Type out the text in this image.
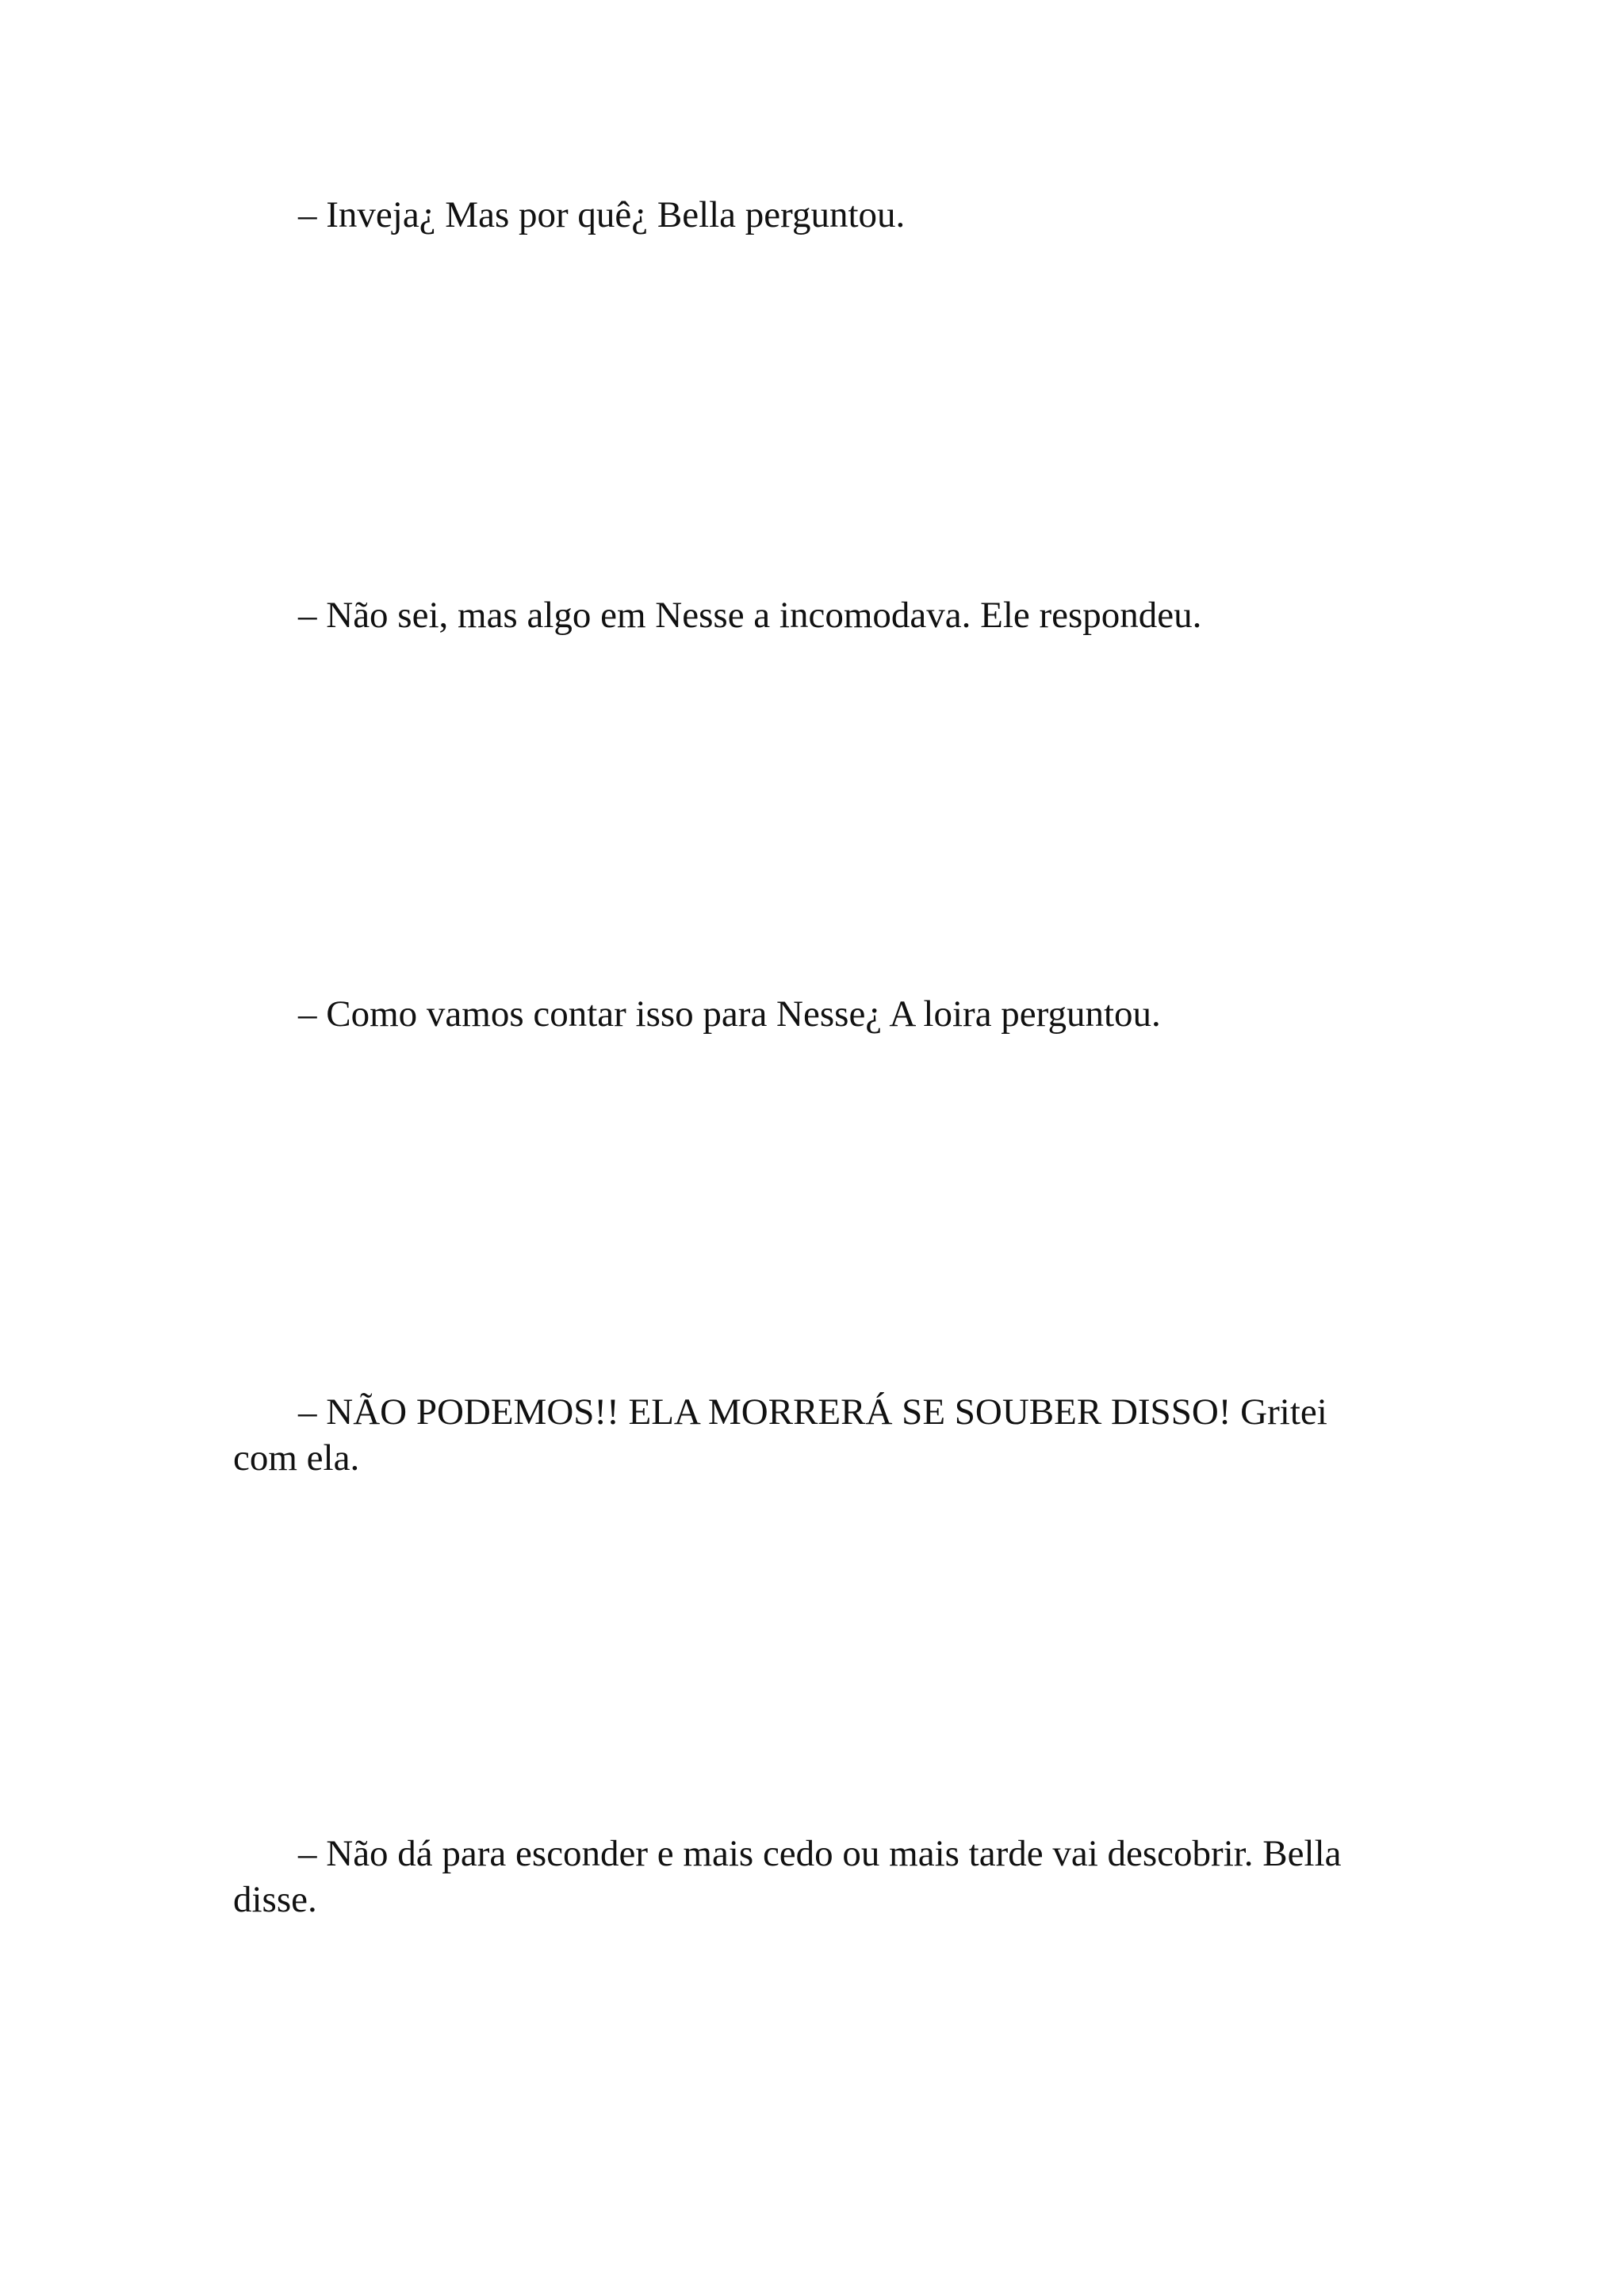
– Inveja¿ Mas por quê¿ Bella perguntou.

– Não sei, mas algo em Nesse a incomodava. Ele respondeu.

– Como vamos contar isso para Nesse¿ A loira perguntou.

– NÃO PODEMOS!! ELA MORRERÁ SE SOUBER DISSO! Gritei com ela.

– Não dá para esconder e mais cedo ou mais tarde vai descobrir. Bella disse.
